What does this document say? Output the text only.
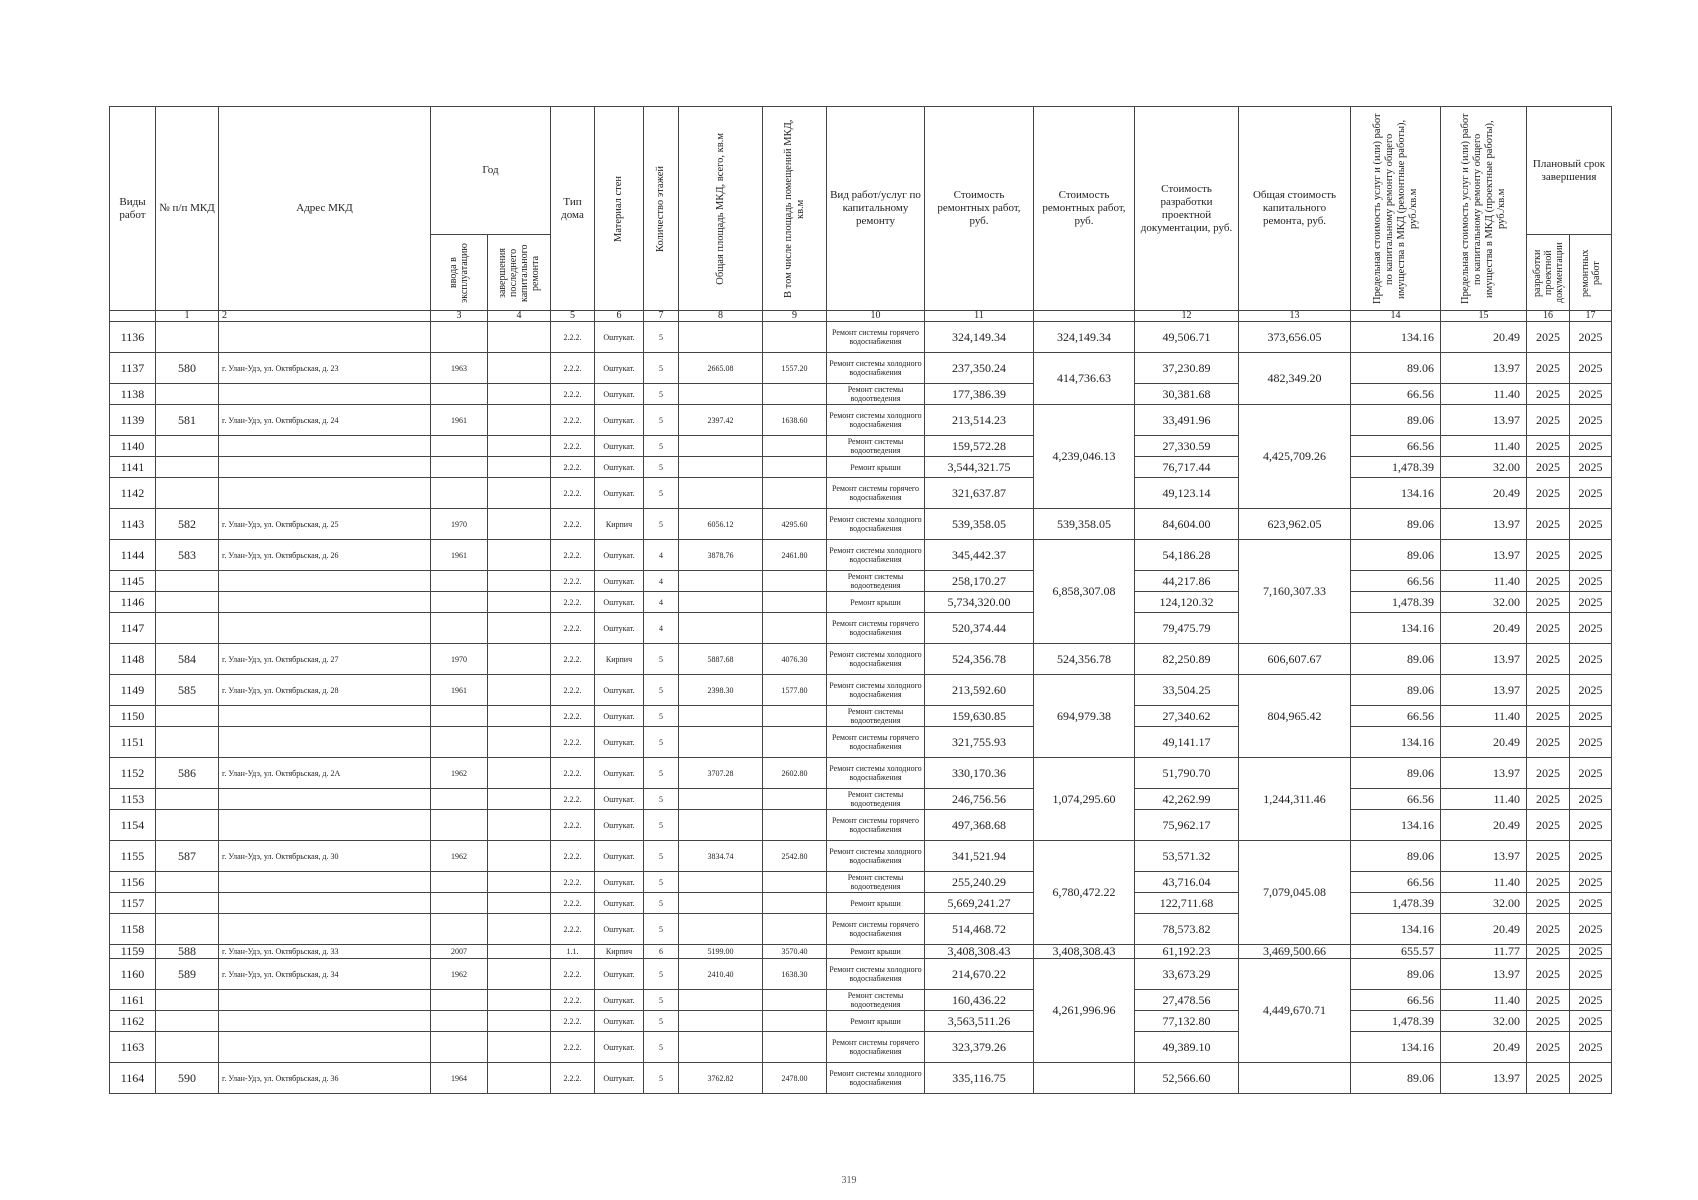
Виды работ	№ п/п МКД	Адрес МКД	Год		Тип дома	Материал стен	Количество этажей	Общая площадь МКД, всего, кв.м	В том числе площадь помещений МКД, кв.м	Вид работ/услуг по капитальному ремонту	Стоимость ремонтных работ, руб.	Стоимость ремонтных работ, руб.	Стоимость разработки проектной документации, руб.	Общая стоимость капитального ремонта, руб.	Предельная стоимость услуг и (или) работ по капитальному ремонту общего имущества в МКД (ремонтные работы), руб./кв.м	Предельная стоимость услуг и (или) работ по капитальному ремонту общего имущества в МКД (проектные работы), руб./кв.м	Плановый срок завершения	

			ввода в эксплуатацию	завершения последнего капитального ремонта													разработки проектной документации	ремонтных работ

	1	2	3	4	5	6	7	8	9	10	11		12	13	14	15	16	17
1136					2.2.2.	Оштукат.	5			Ремонт системы горячего водоснабжения	324,149.34	324,149.34	49,506.71	373,656.05	134.16	20.49	2025	2025
1137	580	г. Улан-Удэ, ул. Октябрьская, д. 23	1963		2.2.2.	Оштукат.	5	2665.08	1557.20	Ремонт системы холодного водоснабжения	237,350.24	414,736.63	37,230.89	482,349.20	89.06	13.97	2025	2025
1138					2.2.2.	Оштукат.	5			Ремонт системы водоотведения	177,386.39		30,381.68		66.56	11.40	2025	2025
1139	581	г. Улан-Удэ, ул. Октябрьская, д. 24	1961		2.2.2.	Оштукат.	5	2397.42	1638.60	Ремонт системы холодного водоснабжения	213,514.23	4,239,046.13	33,491.96	4,425,709.26	89.06	13.97	2025	2025
1140					2.2.2.	Оштукат.	5			Ремонт системы водоотведения	159,572.28		27,330.59		66.56	11.40	2025	2025
1141					2.2.2.	Оштукат.	5			Ремонт крыши	3,544,321.75		76,717.44		1,478.39	32.00	2025	2025
1142					2.2.2.	Оштукат.	5			Ремонт системы горячего водоснабжения	321,637.87		49,123.14		134.16	20.49	2025	2025
1143	582	г. Улан-Удэ, ул. Октябрьская, д. 25	1970		2.2.2.	Кирпич	5	6056.12	4295.60	Ремонт системы холодного водоснабжения	539,358.05	539,358.05	84,604.00	623,962.05	89.06	13.97	2025	2025
1144	583	г. Улан-Удэ, ул. Октябрьская, д. 26	1961		2.2.2.	Оштукат.	4	3878.76	2461.80	Ремонт системы холодного водоснабжения	345,442.37	6,858,307.08	54,186.28	7,160,307.33	89.06	13.97	2025	2025
1145					2.2.2.	Оштукат.	4			Ремонт системы водоотведения	258,170.27		44,217.86		66.56	11.40	2025	2025
1146					2.2.2.	Оштукат.	4			Ремонт крыши	5,734,320.00		124,120.32		1,478.39	32.00	2025	2025
1147					2.2.2.	Оштукат.	4			Ремонт системы горячего водоснабжения	520,374.44		79,475.79		134.16	20.49	2025	2025
1148	584	г. Улан-Удэ, ул. Октябрьская, д. 27	1970		2.2.2.	Кирпич	5	5887.68	4076.30	Ремонт системы холодного водоснабжения	524,356.78	524,356.78	82,250.89	606,607.67	89.06	13.97	2025	2025
1149	585	г. Улан-Удэ, ул. Октябрьская, д. 28	1961		2.2.2.	Оштукат.	5	2398.30	1577.80	Ремонт системы холодного водоснабжения	213,592.60	694,979.38	33,504.25	804,965.42	89.06	13.97	2025	2025
1150					2.2.2.	Оштукат.	5			Ремонт системы водоотведения	159,630.85		27,340.62		66.56	11.40	2025	2025
1151					2.2.2.	Оштукат.	5			Ремонт системы горячего водоснабжения	321,755.93		49,141.17		134.16	20.49	2025	2025
1152	586	г. Улан-Удэ, ул. Октябрьская, д. 2А	1962		2.2.2.	Оштукат.	5	3707.28	2602.80	Ремонт системы холодного водоснабжения	330,170.36	1,074,295.60	51,790.70	1,244,311.46	89.06	13.97	2025	2025
1153					2.2.2.	Оштукат.	5			Ремонт системы водоотведения	246,756.56		42,262.99		66.56	11.40	2025	2025
1154					2.2.2.	Оштукат.	5			Ремонт системы горячего водоснабжения	497,368.68		75,962.17		134.16	20.49	2025	2025
1155	587	г. Улан-Удэ, ул. Октябрьская, д. 30	1962		2.2.2.	Оштукат.	5	3834.74	2542.80	Ремонт системы холодного водоснабжения	341,521.94	6,780,472.22	53,571.32	7,079,045.08	89.06	13.97	2025	2025
1156					2.2.2.	Оштукат.	5			Ремонт системы водоотведения	255,240.29		43,716.04		66.56	11.40	2025	2025
1157					2.2.2.	Оштукат.	5			Ремонт крыши	5,669,241.27		122,711.68		1,478.39	32.00	2025	2025
1158					2.2.2.	Оштукат.	5			Ремонт системы горячего водоснабжения	514,468.72		78,573.82		134.16	20.49	2025	2025
1159	588	г. Улан-Удэ, ул. Октябрьская, д. 33	2007		1.1.	Кирпич	6	5199.00	3570.40	Ремонт крыши	3,408,308.43	3,408,308.43	61,192.23	3,469,500.66	655.57	11.77	2025	2025
1160	589	г. Улан-Удэ, ул. Октябрьская, д. 34	1962		2.2.2.	Оштукат.	5	2410.40	1638.30	Ремонт системы холодного водоснабжения	214,670.22	4,261,996.96	33,673.29	4,449,670.71	89.06	13.97	2025	2025
1161					2.2.2.	Оштукат.	5			Ремонт системы водоотведения	160,436.22		27,478.56		66.56	11.40	2025	2025
1162					2.2.2.	Оштукат.	5			Ремонт крыши	3,563,511.26		77,132.80		1,478.39	32.00	2025	2025
1163					2.2.2.	Оштукат.	5			Ремонт системы горячего водоснабжения	323,379.26		49,389.10		134.16	20.49	2025	2025
1164	590	г. Улан-Удэ, ул. Октябрьская, д. 36	1964		2.2.2.	Оштукат.	5	3762.82	2478.00	Ремонт системы холодного водоснабжения	335,116.75		52,566.60		89.06	13.97	2025	2025
319
